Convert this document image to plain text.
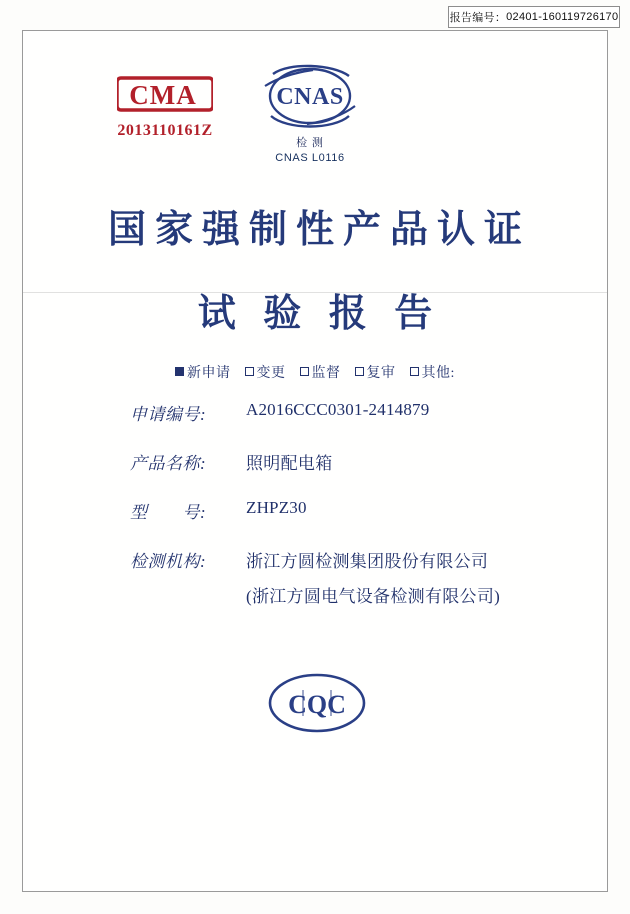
报告编号： 02401-160119726170
CMA
2013110161Z
CNAS
检 测
CNAS L0116
国家强制性产品认证
试 验 报 告
新申请 变更 监督 复审 其他:
申请编号:	A2016CCC0301-2414879
产品名称:	照明配电箱
型　　号:	ZHPZ30
检测机构:	浙江方圆检测集团股份有限公司
(浙江方圆电气设备检测有限公司)
CQC
